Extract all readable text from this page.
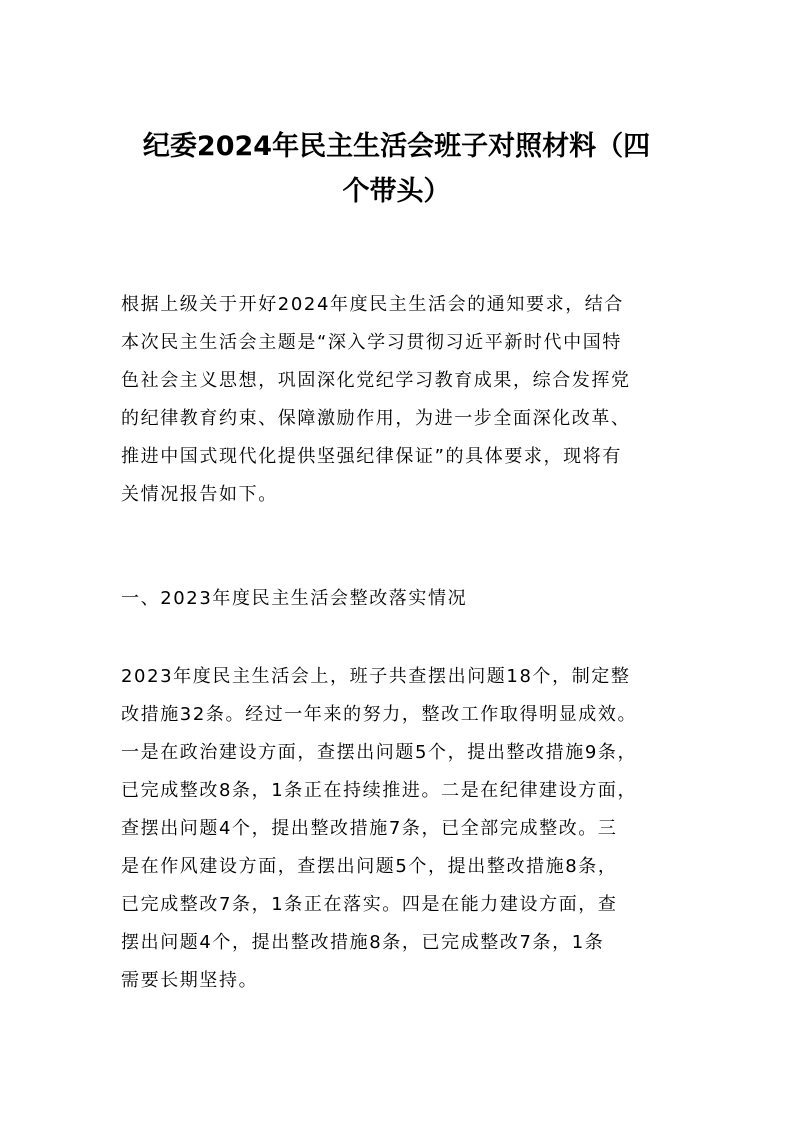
纪委2024年民主生活会班子对照材料（四
个带头）

根据上级关于开好2024年度民主生活会的通知要求，结合
本次民主生活会主题是“深入学习贯彻习近平新时代中国特
色社会主义思想，巩固深化党纪学习教育成果，综合发挥党
的纪律教育约束、保障激励作用，为进一步全面深化改革、
推进中国式现代化提供坚强纪律保证”的具体要求，现将有
关情况报告如下。

一、2023年度民主生活会整改落实情况

2023年度民主生活会上，班子共查摆出问题18个，制定整
改措施32条。经过一年来的努力，整改工作取得明显成效。
一是在政治建设方面，查摆出问题5个，提出整改措施9条，
已完成整改8条，1条正在持续推进。二是在纪律建设方面，
查摆出问题4个，提出整改措施7条，已全部完成整改。三
是在作风建设方面，查摆出问题5个，提出整改措施8条，
已完成整改7条，1条正在落实。四是在能力建设方面，查
摆出问题4个，提出整改措施8条，已完成整改7条，1条
需要长期坚持。
